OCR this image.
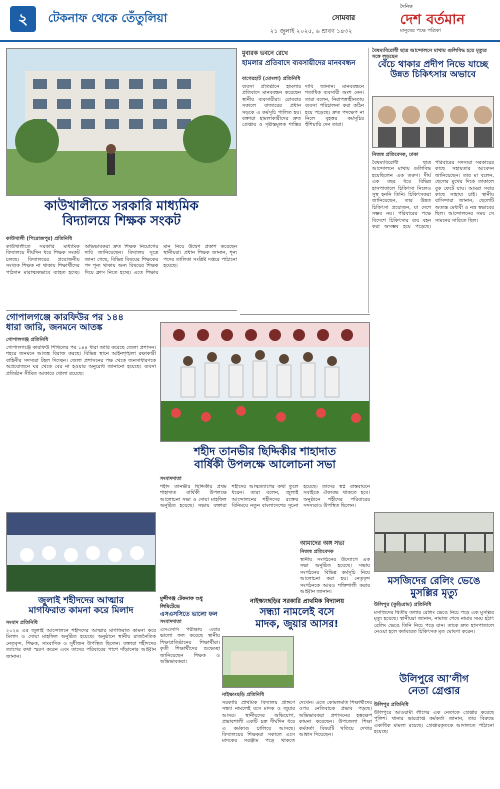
২	টেকনাফ থেকে তেঁতুলিয়া	সোমবার
২১ জুলাই ২০২৫, ৬ শ্রাবণ ১৪৩২
দৈনিক
দেশ বর্তমান
মানুষের পক্ষে পত্রিকা
কাউখালীতে সরকারি মাধ্যমিক
বিদ্যালয়ে শিক্ষক সংকট
কাউখালী (পিরোজপুর) প্রতিনিধি
কাউখালীতে সরকারি মাধ্যমিক বিদ্যালয়ে দীর্ঘদিন ধরে শিক্ষক সংকট চলছে। বিদ্যালয়ের প্রয়োজনীয় সংখ্যক শিক্ষক না থাকায় শিক্ষার্থীদের পাঠদান মারাত্মকভাবে ব্যাহত হচ্ছে। অভিভাবকরা দ্রুত শিক্ষক নিয়োগের দাবি জানিয়েছেন। বিদ্যালয় সূত্রে জানা গেছে, বিভিন্ন বিষয়ের শিক্ষকের পদ শূন্য থাকায় অন্য বিষয়ের শিক্ষক দিয়ে ক্লাস নিতে হচ্ছে। এতে শিক্ষার মান নিয়ে উদ্বেগ প্রকাশ করেছেন স্থানীয়রা। প্রধান শিক্ষক জানান, শূন্য পদের তালিকা সংশ্লিষ্ট দপ্তরে পাঠানো হয়েছে।
গোপালগঞ্জে কারফিউর পর ১৪৪
ধারা জারি, জনমনে আতঙ্ক
গোপালগঞ্জ প্রতিনিধি
গোপালগঞ্জে কারফিউ শিথিলের পর ১৪৪ ধারা জারি করেছে জেলা প্রশাসন। শহরে জনমনে আতঙ্ক বিরাজ করছে। বিভিন্ন স্থানে আইনশৃঙ্খলা রক্ষাকারী বাহিনীর সদস্যরা টহল দিচ্ছেন। জেলা প্রশাসনের পক্ষ থেকে জনসাধারণকে অপ্রয়োজনে ঘর থেকে বের না হওয়ার অনুরোধ জানানো হয়েছে। ব্যবসা প্রতিষ্ঠান সীমিত আকারে খোলা রয়েছে।
শহীদ তানভীর ছিদ্দিকীর শাহাদাত
বার্ষিকী উপলক্ষে আলোচনা সভা
সংবাদদাতা
শহীদ তানভীর ছিদ্দিকীর প্রথম শাহাদাত বার্ষিকী উপলক্ষে আলোচনা সভা ও দোয়া মাহফিল অনুষ্ঠিত হয়েছে। সভায় বক্তারা শহীদের আত্মত্যাগের কথা তুলে ধরেন। তারা বলেন, জুলাই আন্দোলনের শহীদদের রক্তের বিনিময়ে নতুন বাংলাদেশের সূচনা হয়েছে। তাদের স্বপ্ন বাস্তবায়নে সবাইকে ঐক্যবদ্ধ থাকতে হবে। অনুষ্ঠানে শহীদের পরিবারের সদস্যরাও উপস্থিত ছিলেন।
জুলাই শহীদদের আত্মার
মাগফিরাত কামনা করে মিলাদ
সংবাদ প্রতিনিধি
২০২৪ এর জুলাই আন্দোলনে শহীদদের আত্মার মাগফিরাত কামনা করে মিলাদ ও দোয়া মাহফিল অনুষ্ঠিত হয়েছে। অনুষ্ঠানে স্থানীয় রাজনৈতিক নেতৃবৃন্দ, শিক্ষক, সাংবাদিক ও সুধীজন উপস্থিত ছিলেন। বক্তারা শহীদদের ত্যাগের কথা স্মরণ করেন এবং তাদের পরিবারের পাশে দাঁড়ানোর আহ্বান জানান।
মুবারক ভবনে রেখে
হামলার প্রতিবাদে ব্যবসায়ীদের মানববন্ধন
বাগেরহাট (মোংলা) প্রতিনিধি
ব্যবসা প্রতিষ্ঠানে হামলার প্রতিবাদে মানববন্ধন করেছেন স্থানীয় ব্যবসায়ীরা। রোববার সকালে বাজারের প্রধান সড়কে এ কর্মসূচি পালিত হয়। বক্তারা হামলাকারীদের দ্রুত গ্রেপ্তার ও দৃষ্টান্তমূলক শাস্তির দাবি জানান। মানববন্ধনে শতাধিক ব্যবসায়ী অংশ নেন। তারা বলেন, নিরাপত্তাহীনতায় ব্যবসা পরিচালনা করা কঠিন হয়ে পড়েছে। দ্রুত পদক্ষেপ না নিলে বৃহত্তর কর্মসূচির হুঁশিয়ারি দেন তারা।
বৈষম্যবিরোধী ছাত্র আন্দোলনে মাথায় গুলিবিদ্ধ হয়ে মৃত্যুর সঙ্গে লড়ছেন
বেঁচে থাকার প্রদীপ নিভে যাচ্ছে
উন্নত চিকিৎসার অভাবে
নিজস্ব প্রতিবেদক, ঢাকা
বৈষম্যবিরোধী ছাত্র আন্দোলনে মাথায় গুলিবিদ্ধ হয়েছিলেন এক তরুণ। দীর্ঘ এক বছর ধরে বিভিন্ন হাসপাতালে চিকিৎসা নিলেও সুস্থ হননি তিনি। চিকিৎসকরা জানিয়েছেন, তার উন্নত চিকিৎসা প্রয়োজন, যা দেশে সম্ভব নয়। পরিবারের পক্ষে বিদেশে চিকিৎসার ব্যয় বহন করা অসম্ভব হয়ে পড়েছে। পরিবারের সদস্যরা সরকারের কাছে সহায়তার আবেদন জানিয়েছেন। তার মা বলেন, ছেলের মুখের দিকে তাকালে বুক ফেটে যায়। আমরা সবার কাছে সাহায্য চাই। স্থানীয় বাসিন্দারা জানান, ছেলেটি অত্যন্ত মেধাবী ও নম্র স্বভাবের ছিল। আন্দোলনের সময় সে সামনের সারিতে ছিল।
আমাদের অঙ্গ সভা
নিজস্ব প্রতিবেদক
স্থানীয় সংগঠনের উদ্যোগে এক সভা অনুষ্ঠিত হয়েছে। সভায় সংগঠনের বিভিন্ন কর্মসূচি নিয়ে আলোচনা করা হয়। নেতৃবৃন্দ সংগঠনকে আরও শক্তিশালী করার আহ্বান জানান।
মসজিদের রেলিং ভেঙে
মুসল্লির মৃত্যু
উলিপুর (কুড়িগ্রাম) প্রতিনিধি
মসজিদের দ্বিতীয় তলার রেলিং ভেঙে নিচে পড়ে এক মুসল্লির মৃত্যু হয়েছে। স্থানীয়রা জানান, নামাজ শেষে নামার সময় হঠাৎ রেলিং ভেঙে তিনি নিচে পড়ে যান। তাকে দ্রুত হাসপাতালে নেওয়া হলে কর্তব্যরত চিকিৎসক মৃত ঘোষণা করেন।
উলিপুরে আ'লীগ
নেতা গ্রেপ্তার
উলিপুর প্রতিনিধি
উলিপুরে আওয়ামী লীগের এক নেতাকে গ্রেপ্তার করেছে পুলিশ। থানার ভারপ্রাপ্ত কর্মকর্তা জানান, তার বিরুদ্ধে একাধিক মামলা রয়েছে। গ্রেপ্তারকৃতকে আদালতে পাঠানো হয়েছে।
মুন্সীগঞ্জ টেকনাফ শুধু লিমিটেডে
এসএসসিতে ভালো ফল
সংবাদদাতা
এসএসসি পরীক্ষায় এবার ভালো ফল করেছে স্থানীয় শিক্ষাপ্রতিষ্ঠানের শিক্ষার্থীরা। কৃতী শিক্ষার্থীদের শুভেচ্ছা জানিয়েছেন শিক্ষক ও অভিভাবকরা।
নাইক্ষ্যংছড়ির সরকারি প্রাথমিক বিদ্যালয়
সন্ধ্যা নামলেই বসে
মাদক, জুয়ার আসর!
নাইক্ষ্যংছড়ি প্রতিনিধি
সরকারি প্রাথমিক বিদ্যালয় প্রাঙ্গণে সন্ধ্যা নামলেই বসে মাদক ও জুয়ার আসর। স্থানীয়দের অভিযোগ, প্রভাবশালী একটি চক্র দীর্ঘদিন ধরে এ কর্মকাণ্ড চালিয়ে আসছে। বিদ্যালয়ের শিক্ষকরা সকালে এসে মাদকের সরঞ্জাম পড়ে থাকতে দেখেন। এতে কোমলমতি শিক্ষার্থীদের ওপর নেতিবাচক প্রভাব পড়ছে। অভিভাবকরা প্রশাসনের হস্তক্ষেপ কামনা করেছেন। উপজেলা শিক্ষা কর্মকর্তা বিষয়টি খতিয়ে দেখার আশ্বাস দিয়েছেন।
